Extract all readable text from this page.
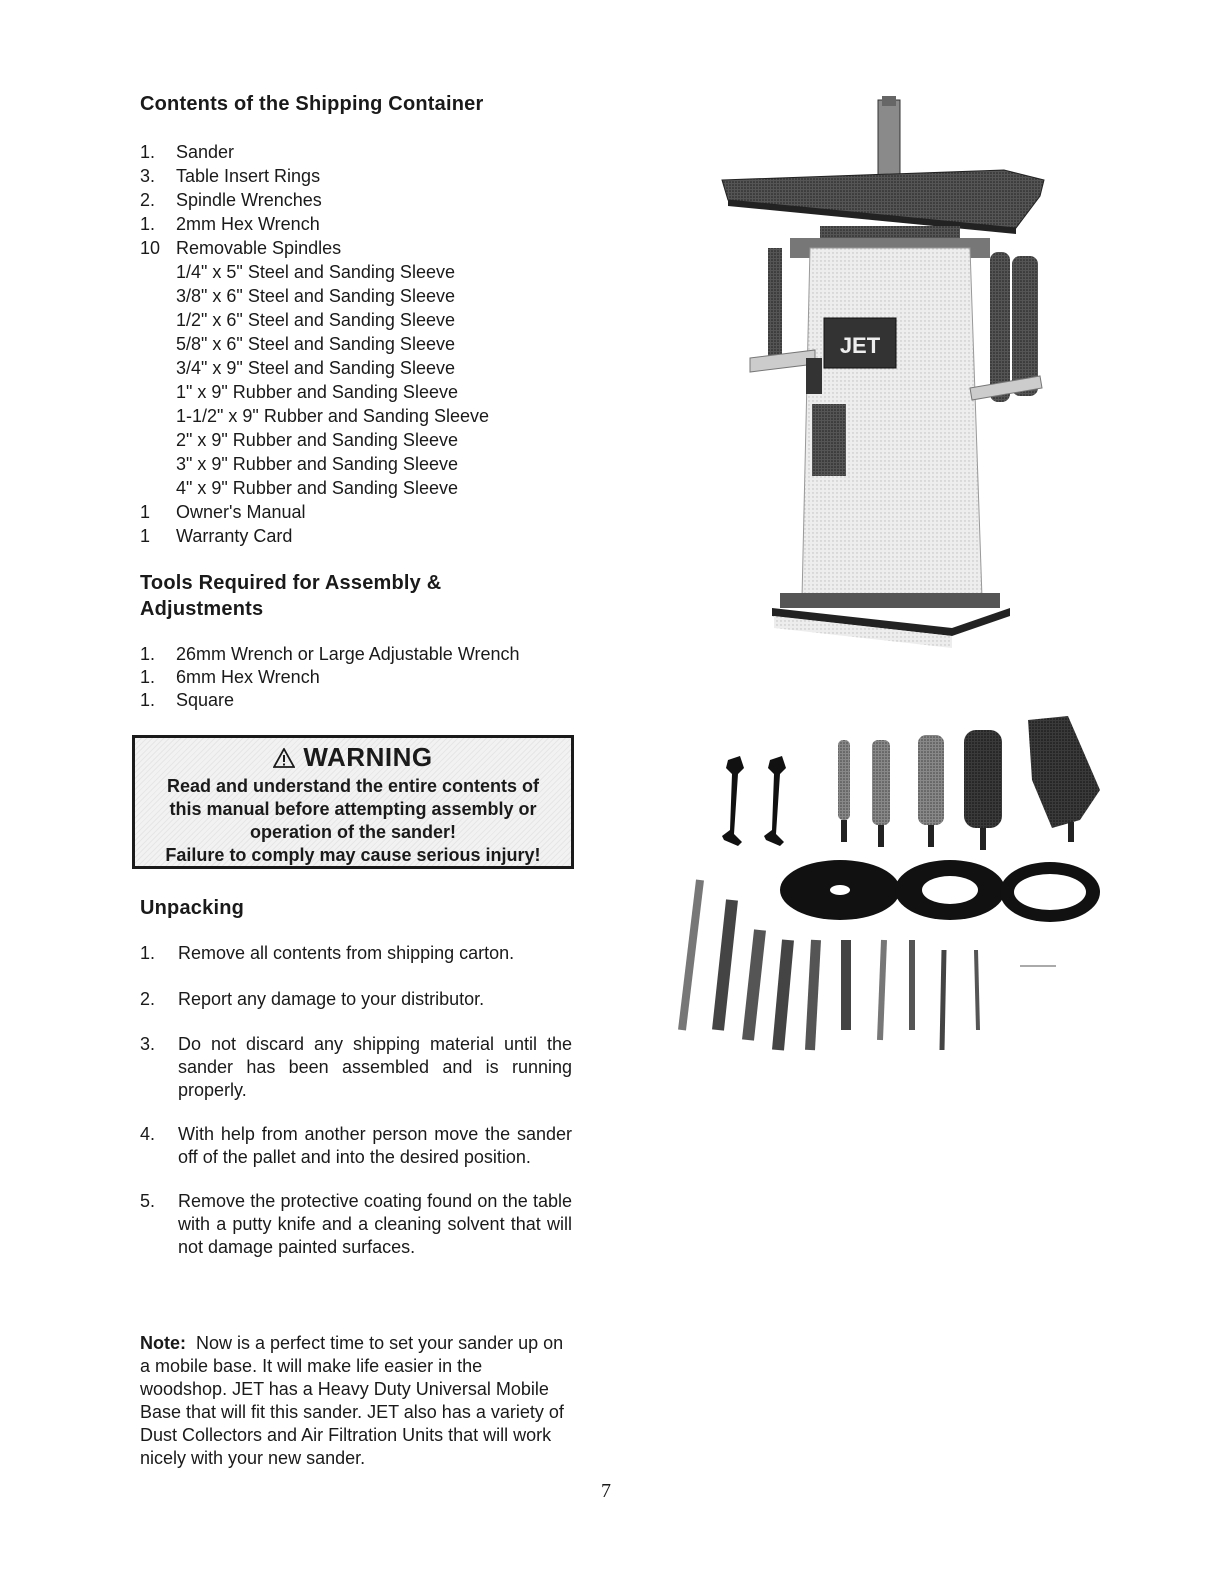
Contents of the Shipping Container
1. Sander
3. Table Insert Rings
2. Spindle Wrenches
1. 2mm Hex Wrench
10 Removable Spindles
1/4" x 5" Steel and Sanding Sleeve
3/8" x 6" Steel and Sanding Sleeve
1/2" x 6" Steel and Sanding Sleeve
5/8" x 6" Steel and Sanding Sleeve
3/4" x 9" Steel and Sanding Sleeve
1" x 9" Rubber and Sanding Sleeve
1-1/2" x 9" Rubber and Sanding Sleeve
2" x 9" Rubber and Sanding Sleeve
3" x 9" Rubber and Sanding Sleeve
4" x 9" Rubber and Sanding Sleeve
1 Owner's Manual
1 Warranty Card
Tools Required for Assembly &
Adjustments
1. 26mm Wrench or Large Adjustable Wrench
1. 6mm Hex Wrench
1. Square
WARNING
Read and understand the entire contents of
this manual before attempting assembly or
operation of the sander!
Failure to comply may cause serious injury!
Unpacking
1. Remove all contents from shipping carton.
2. Report any damage to your distributor.
3. Do not discard any shipping material until the sander has been assembled and is running properly.
4. With help from another person move the sander off of the pallet and into the desired position.
5. Remove the protective coating found on the table with a putty knife and a cleaning solvent that will not damage painted surfaces.
Note: Now is a perfect time to set your sander up on a mobile base. It will make life easier in the woodshop. JET has a Heavy Duty Universal Mobile Base that will fit this sander. JET also has a variety of Dust Collectors and Air Filtration Units that will work nicely with your new sander.
JET
7
